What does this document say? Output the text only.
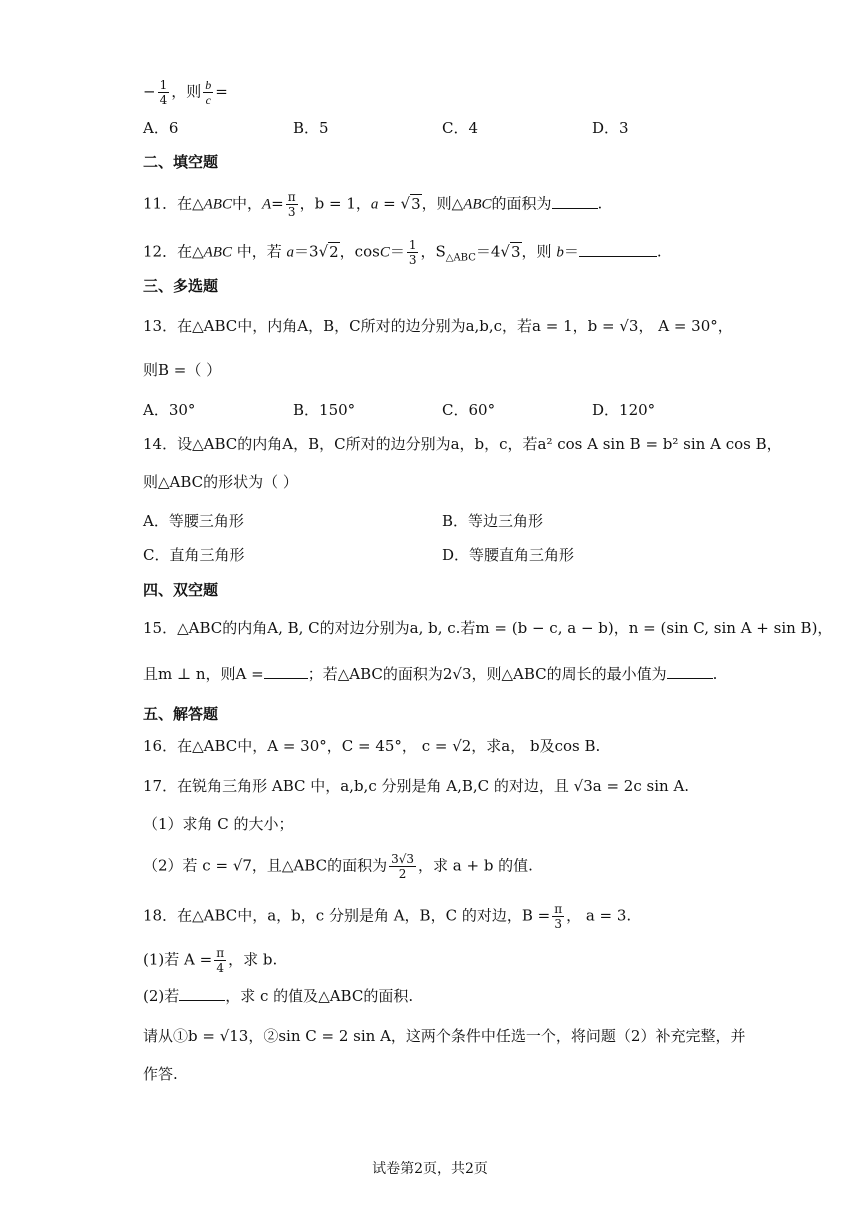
− $\frac{1}{4}$ ，则 $\frac{b}{c}$ =
A．6	B．5	C．4	D．3
二、填空题
11．在△ABC中，$A= \frac{\pi}{3}$ ，b = 1，a = √3，则△ABC的面积为	.
12．在△ABC 中，若 a＝3√2，$\cos C= \frac{1}{3}$ ，$S_{\triangle ABC}=4√3$，则 b＝	.
三、多选题
13．在△ABC中，内角A，B，C所对的边分别为a,b,c，若a = 1，b = √3， A = 30°，
则B =（ ）
A．30°	B．150°	C．60°	D．120°
14．设△ABC的内角A，B，C所对的边分别为a，b，c，若a² cos A sin B = b² sin A cos B，
则△ABC的形状为（ ）
A．等腰三角形	B．等边三角形
C．直角三角形	D．等腰直角三角形
四、双空题
15．△ABC的内角A, B, C的对边分别为a, b, c.若m = (b − c, a − b)，n = (sin C, sin A + sin B)，
且m ⊥ n，则A =	；若△ABC的面积为2√3，则△ABC的周长的最小值为	.
五、解答题
16．在△ABC中，A = 30°，C = 45°， c = √2，求a， b及cos B.
17．在锐角三角形 ABC 中，a,b,c 分别是角 A,B,C 的对边，且 √3a = 2c sin A.
（1）求角 C 的大小；
（2）若 c = √7，且△ABC的面积为 $\frac{3√3}{2}$ ，求 a + b 的值.
18．在△ABC中，a，b，c 分别是角 A，B，C 的对边，$B = \frac{\pi}{3}$ ， a = 3.
(1)若 $A = \frac{\pi}{4}$ ，求 b.
(2)若	，求 c 的值及△ABC的面积.
请从①b = √13，②sin C = 2 sin A，这两个条件中任选一个，将问题（2）补充完整，并
作答.
试卷第2页，共2页
